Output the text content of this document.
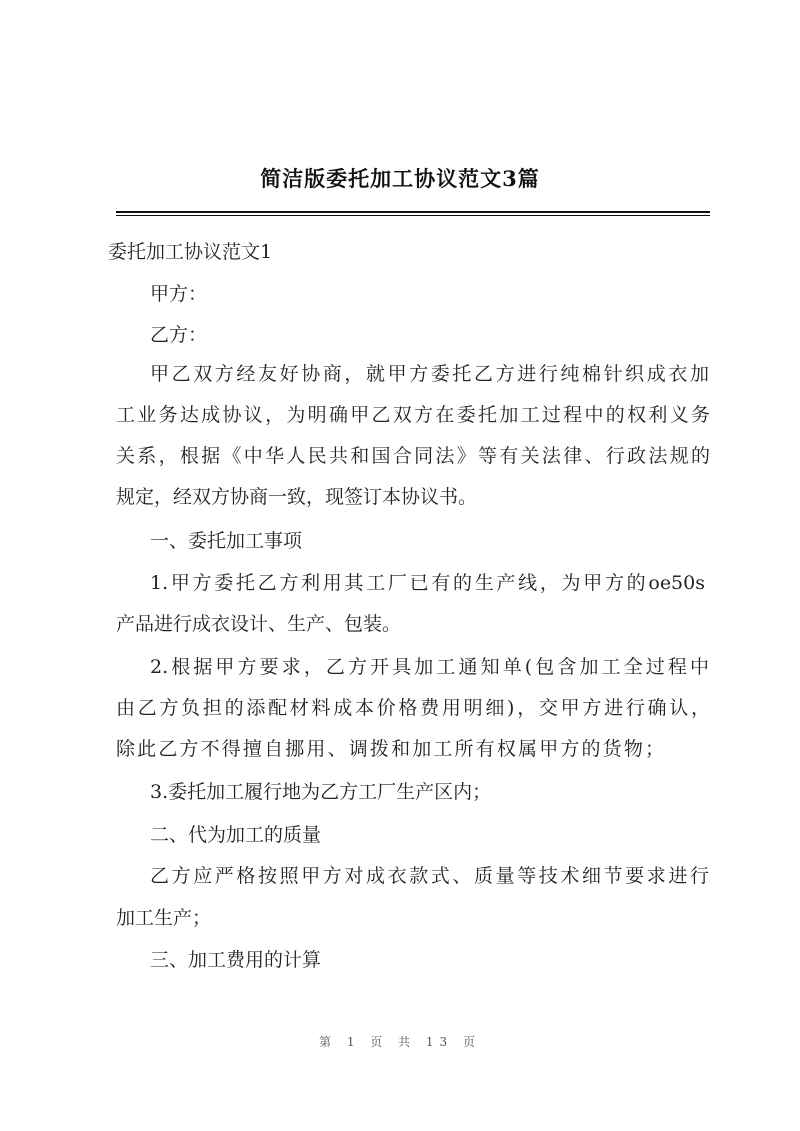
简洁版委托加工协议范文3篇
委托加工协议范文1
甲方：
乙方：
甲乙双方经友好协商，就甲方委托乙方进行纯棉针织成衣加
工业务达成协议，为明确甲乙双方在委托加工过程中的权利义务
关系，根据《中华人民共和国合同法》等有关法律、行政法规的
规定，经双方协商一致，现签订本协议书。
一、委托加工事项
1.甲方委托乙方利用其工厂已有的生产线，为甲方的oe50s
产品进行成衣设计、生产、包装。
2.根据甲方要求，乙方开具加工通知单(包含加工全过程中
由乙方负担的添配材料成本价格费用明细)，交甲方进行确认，
除此乙方不得擅自挪用、调拨和加工所有权属甲方的货物；
3.委托加工履行地为乙方工厂生产区内；
二、代为加工的质量
乙方应严格按照甲方对成衣款式、质量等技术细节要求进行
加工生产；
三、加工费用的计算
第 1 页 共 13 页
